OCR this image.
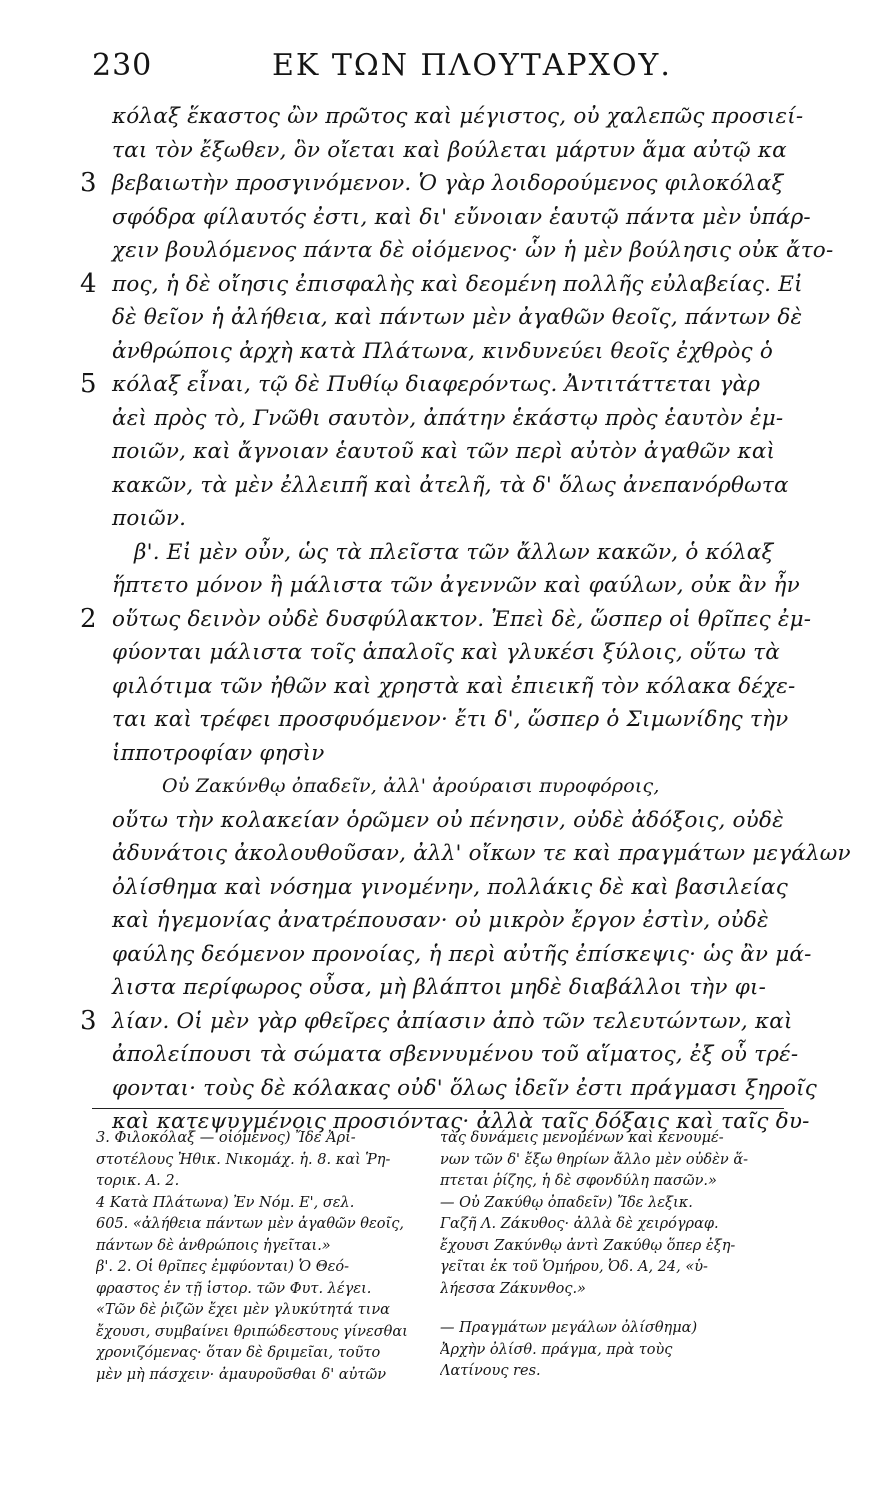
230	ΕΚ ΤΩΝ ΠΛΟΥΤΑΡΧΟΥ.
κόλαξ ἕκαστος ὢν πρῶτος καὶ μέγιστος, οὐ χαλεπῶς προσιεί-
ται τὸν ἔξωθεν, ὃν οἴεται καὶ βούλεται μάρτυν ἅμα αὐτῷ κα
3 βεβαιωτὴν προσγινόμενον. Ὁ γὰρ λοιδορούμενος φιλοκόλαξ
σφόδρα φίλαυτός ἐστι, καὶ δι' εὔνοιαν ἑαυτῷ πάντα μὲν ὑπάρ-
χειν βουλόμενος πάντα δὲ οἰόμενος· ὧν ἡ μὲν βούλησις οὐκ ἄτο-
4 πος, ἡ δὲ οἴησις ἐπισφαλὴς καὶ δεομένη πολλῆς εὐλαβείας. Εἰ
δὲ θεῖον ἡ ἀλήθεια, καὶ πάντων μὲν ἀγαθῶν θεοῖς, πάντων δὲ
ἀνθρώποις ἀρχὴ κατὰ Πλάτωνα, κινδυνεύει θεοῖς ἐχθρὸς ὁ
5 κόλαξ εἶναι, τῷ δὲ Πυθίῳ διαφερόντως. Ἀντιτάττεται γὰρ
ἀεὶ πρὸς τὸ, Γνῶθι σαυτὸν, ἀπάτην ἑκάστῳ πρὸς ἑαυτὸν ἐμ-
ποιῶν, καὶ ἄγνοιαν ἑαυτοῦ καὶ τῶν περὶ αὐτὸν ἀγαθῶν καὶ
κακῶν, τὰ μὲν ἐλλειπῆ καὶ ἀτελῆ, τὰ δ' ὅλως ἀνεπανόρθωτα
ποιῶν.
β'. Εἰ μὲν οὖν, ὡς τὰ πλεῖστα τῶν ἄλλων κακῶν, ὁ κόλαξ
ἥπτετο μόνον ἢ μάλιστα τῶν ἀγεννῶν καὶ φαύλων, οὐκ ἂν ἦν
2 οὕτως δεινὸν οὐδὲ δυσφύλακτον. Ἐπεὶ δὲ, ὥσπερ οἱ θρῖπες ἐμ-
φύονται μάλιστα τοῖς ἁπαλοῖς καὶ γλυκέσι ξύλοις, οὕτω τὰ
φιλότιμα τῶν ἠθῶν καὶ χρηστὰ καὶ ἐπιεικῆ τὸν κόλακα δέχε-
ται καὶ τρέφει προσφυόμενον· ἔτι δ', ὥσπερ ὁ Σιμωνίδης τὴν
ἱπποτροφίαν φησὶν
Οὐ Ζακύνθῳ ὀπαδεῖν, ἀλλ' ἀρούραισι πυροφόροις,
οὕτω τὴν κολακείαν ὁρῶμεν οὐ πένησιν, οὐδὲ ἀδόξοις, οὐδὲ
ἀδυνάτοις ἀκολουθοῦσαν, ἀλλ' οἴκων τε καὶ πραγμάτων μεγάλων
ὀλίσθημα καὶ νόσημα γινομένην, πολλάκις δὲ καὶ βασιλείας
καὶ ἡγεμονίας ἀνατρέπουσαν· οὐ μικρὸν ἔργον ἐστὶν, οὐδὲ
φαύλης δεόμενον προνοίας, ἡ περὶ αὐτῆς ἐπίσκεψις· ὡς ἂν μά-
λιστα περίφωρος οὖσα, μὴ βλάπτοι μηδὲ διαβάλλοι τὴν φι-
3 λίαν. Οἱ μὲν γὰρ φθεῖρες ἀπίασιν ἀπὸ τῶν τελευτώντων, καὶ
ἀπολείπουσι τὰ σώματα σβεννυμένου τοῦ αἵματος, ἐξ οὗ τρέ-
φονται· τοὺς δὲ κόλακας οὐδ' ὅλως ἰδεῖν ἐστι πράγμασι ξηροῖς
καὶ κατεψυγμένοις προσιόντας· ἀλλὰ ταῖς δόξαις καὶ ταῖς δυ-
3. Φιλοκόλαξ — οἰόμενος) Ἴδε Ἀρι-
στοτέλους Ἠθικ. Νικομάχ. ἡ. 8. καὶ Ῥη-
τορικ. Α. 2.
4 Κατὰ Πλάτωνα) Ἐν Νόμ. Ε', σελ.
605. «ἀλήθεια πάντων μὲν ἀγαθῶν θεοῖς,
πάντων δὲ ἀνθρώποις ἡγεῖται.»
β'. 2. Οἱ θρῖπες ἐμφύονται) Ὁ Θεό-
φραστος ἐν τῇ ἱστορ. τῶν Φυτ. λέγει.
«Τῶν δὲ ῥιζῶν ἔχει μὲν γλυκύτητά τινα
ἔχουσι, συμβαίνει θριπώδεστους γίνεσθαι
χρονιζόμενας· ὅταν δὲ δριμεῖαι, τοῦτο
μὲν μὴ πάσχειν· ἀμαυροῦσθαι δ' αὐτῶν
τὰς δυνάμεις μενομένων καὶ κενουμέ-
νων τῶν δ' ἔξω θηρίων ἄλλο μὲν οὐδὲν ἅ-
πτεται ῥίζης, ἡ δὲ σφονδύλη πασῶν.»
— Οὐ Ζακύθῳ ὀπαδεῖν) Ἴδε λεξικ.
Γαζῆ Λ. Ζάκυθος· ἀλλὰ δὲ χειρόγραφ.
ἔχουσι Ζακύνθῳ ἀντὶ Ζακύθῳ ὅπερ ἐξη-
γεῖται ἐκ τοῦ Ὁμήρου, Ὀδ. Α, 24, «ὑ-
λήεσσα Ζάκυνθος.»
— Πραγμάτων μεγάλων ὀλίσθημα)
Ἀρχὴν ὀλίσθ. πράγμα, πρὰ τοὺς
Λατίνους res.
